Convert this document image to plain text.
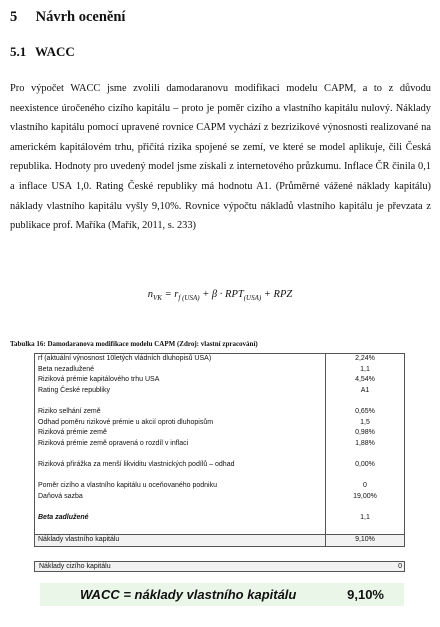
5 Návrh ocenění
5.1 WACC

Pro výpočet WACC jsme zvolili damodaranovu modifikaci modelu CAPM, a to z důvodu neexistence úročeného cizího kapitálu – proto je poměr cizího a vlastního kapitálu nulový. Náklady vlastního kapitálu pomocí upravené rovnice CAPM vychází z bezrizikové výnosnosti realizované na americkém kapitálovém trhu, přičítá rizika spojené se zemí, ve které se model aplikuje, čili Česká republika. Hodnoty pro uvedený model jsme získali z internetového průzkumu. Inflace ČR činila 0,1 a inflace USA 1,0. Rating České republiky má hodnotu A1. (Průměrné vážené náklady kapitálu) náklady vlastního kapitálu vyšly 9,10%. Rovnice výpočtu nákladů vlastního kapitálu je převzata z publikace prof. Maříka (Mařík, 2011, s. 233)

$n_{VK} = r_{f (USA)} + \beta \cdot RPT_{(USA)}$ + RPZ
Tabulka 16: Damodaranova modifikace modelu CAPM (Zdroj: vlastní zpracování)
rf (aktuální výnosnost 10letých vládních dluhopisů USA)	2,24%
Beta nezadlužené	1,1
Riziková prémie kapitálového trhu USA	4,54%
Rating České republiky	A1

Riziko selhání země	0,65%
Odhad poměru rizikové prémie u akcií oproti dluhopisům	1,5
Riziková prémie země	0,98%
Riziková prémie země opravená o rozdíl v inflaci	1,88%

Riziková přirážka za menší likviditu vlastnických podílů – odhad	0,00%

Poměr cizího a vlastního kapitálu u oceňovaného podniku	0
Daňová sazba	19,00%

Beta zadlužené	1,1

Náklady vlastního kapitálu	9,10%
Náklady cizího kapitálu	0
WACC = náklady vlastního kapitálu	9,10%
